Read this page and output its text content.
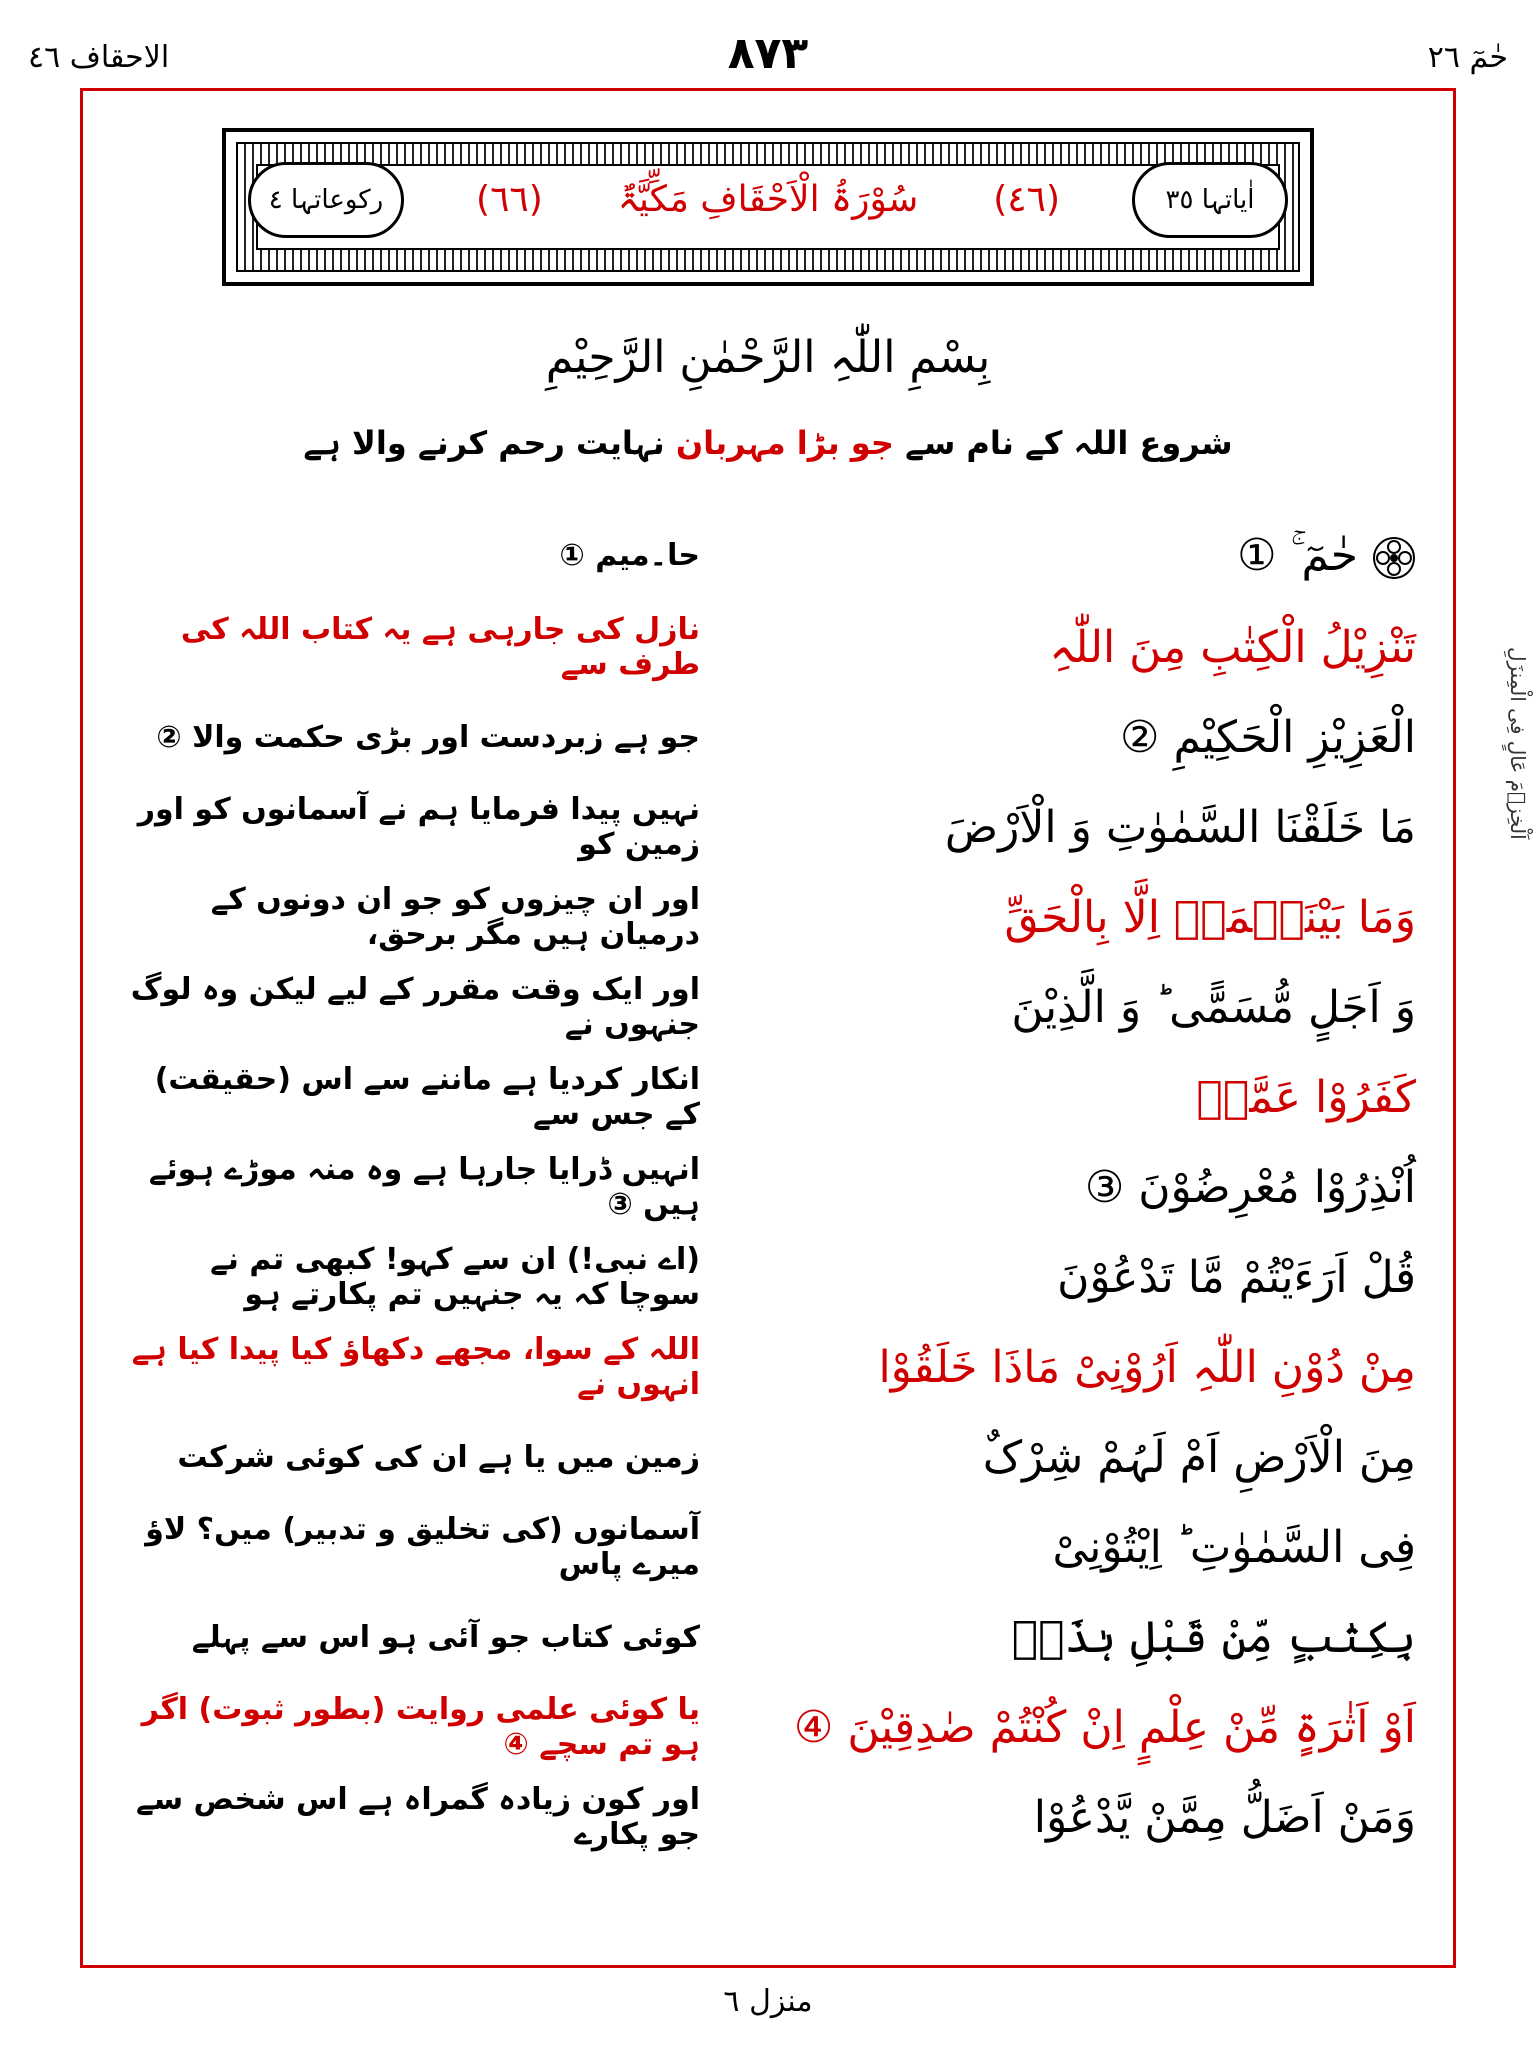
حٰمٓ ٢٦
٨٧٣
الاحقاف ٤٦
رکوعاتہا ٤	اٰیاتہا ٣٥
(٤٦)
سُوْرَۃُ الْاَحْقَافِ مَکِّیَّۃٌ
(٦٦)
بِسْمِ اللّٰہِ الرَّحْمٰنِ الرَّحِیْمِ
شروع اللہ کے نام سے جو بڑا مہربان نہایت رحم کرنے والا ہے
اَلْخِزۡمَ عَالٍ فِی الْمِنزَلِ
حٰمٓ ۚ ①
حا۔میم ①
تَنْزِیْلُ الْکِتٰبِ مِنَ اللّٰہِ
نازل کی جارہی ہے یہ کتاب اللہ کی طرف سے
الْعَزِیْزِ الْحَکِیْمِ ②
جو ہے زبردست اور بڑی حکمت والا ②
مَا خَلَقْنَا السَّمٰوٰتِ وَ الْاَرْضَ
نہیں پیدا فرمایا ہم نے آسمانوں کو اور زمین کو
وَمَا بَیْنَہُمَاۤ اِلَّا بِالْحَقِّ
اور ان چیزوں کو جو ان دونوں کے درمیان ہیں مگر برحق،
وَ اَجَلٍ مُّسَمًّی ؕ وَ الَّذِیْنَ
اور ایک وقت مقرر کے لیے لیکن وہ لوگ جنہوں نے
کَفَرُوْا عَمَّاۤ
انکار کردیا ہے ماننے سے اس (حقیقت) کے جس سے
اُنْذِرُوْا مُعْرِضُوْنَ ③
انہیں ڈرایا جارہا ہے وہ منہ موڑے ہوئے ہیں ③
قُلْ اَرَءَیْتُمْ مَّا تَدْعُوْنَ
(اے نبی!) ان سے کہو! کبھی تم نے سوچا کہ یہ جنہیں تم پکارتے ہو
مِنْ دُوْنِ اللّٰہِ اَرُوْنِیْ مَاذَا خَلَقُوْا
اللہ کے سوا، مجھے دکھاؤ کیا پیدا کیا ہے انہوں نے
مِنَ الْاَرْضِ اَمْ لَہُمْ شِرْکٌ
زمین میں یا ہے ان کی کوئی شرکت
فِی السَّمٰوٰتِ ؕ اِیْتُوْنِیْ
آسمانوں (کی تخلیق و تدبیر) میں؟ لاؤ میرے پاس
بِکِتٰبٍ مِّنْ قَبْلِ ہٰذَاۤ
کوئی کتاب جو آئی ہو اس سے پہلے
اَوْ اَثٰرَۃٍ مِّنْ عِلْمٍ اِنْ کُنْتُمْ صٰدِقِیْنَ ④
یا کوئی علمی روایت (بطور ثبوت) اگر ہو تم سچے ④
وَمَنْ اَضَلُّ مِمَّنْ یَّدْعُوْا
اور کون زیادہ گمراہ ہے اس شخص سے جو پکارے
منزل ٦
